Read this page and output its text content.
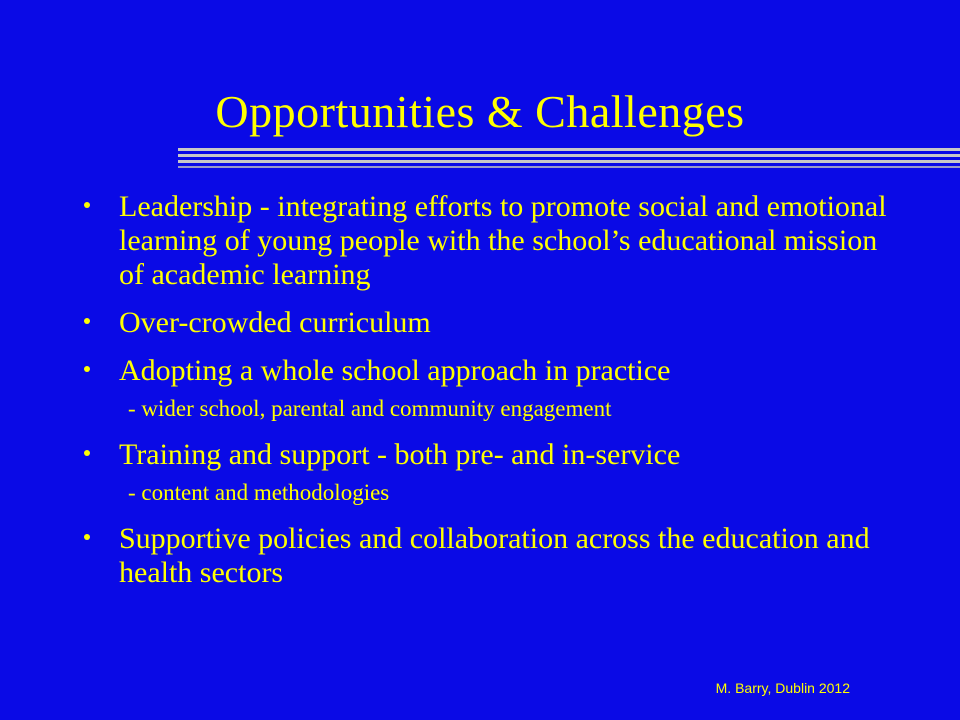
Opportunities & Challenges
Leadership - integrating efforts to promote social and emotional learning of young people with the school’s educational mission of academic learning
Over-crowded curriculum
Adopting a whole school approach in practice
- wider school, parental and community engagement
Training and support - both pre- and in-service
- content and methodologies
Supportive policies and collaboration across the education and health sectors
M. Barry, Dublin 2012
